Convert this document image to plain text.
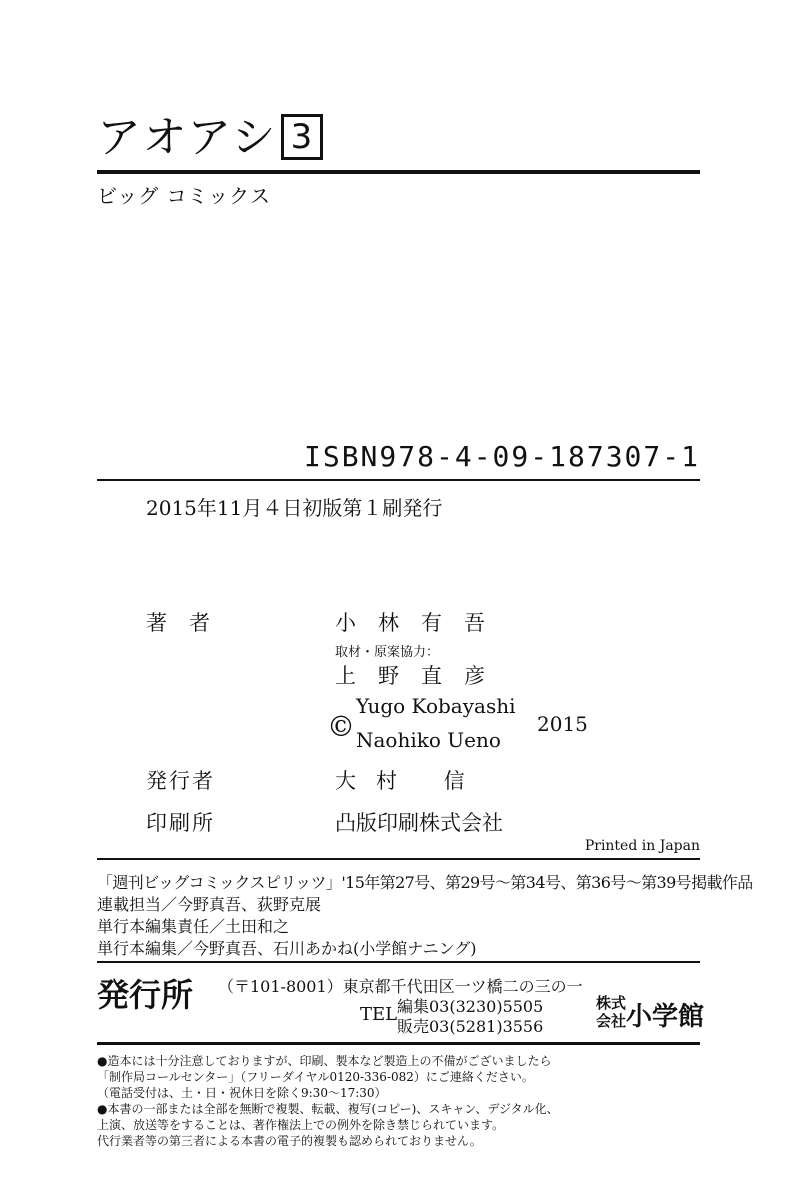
アオアシ 3
ビッグ コミックス
ISBN978-4-09-187307-1
2015年11月４日初版第１刷発行
著者	小林有吾
取材・原案協力：
上野直彦
©
Yugo Kobayashi
Naohiko Ueno
2015
発行者	大村 信
印刷所	凸版印刷株式会社
Printed in Japan
「週刊ビッグコミックスピリッツ」'15年第27号、第29号〜第34号、第36号〜第39号掲載作品
連載担当／今野真吾、荻野克展
単行本編集責任／土田和之
単行本編集／今野真吾、石川あかね(小学館ナニング)
発行所 （〒101-8001）東京都千代田区一ツ橋二の三の一
TEL 編集03(3230)5505
販売03(5281)3556
株式
会社 小学館
●造本には十分注意しておりますが、印刷、製本など製造上の不備がございましたら
「制作局コールセンター」（フリーダイヤル0120-336-082）にご連絡ください。
（電話受付は、土・日・祝休日を除く9:30〜17:30）
●本書の一部または全部を無断で複製、転載、複写(コピー)、スキャン、デジタル化、
上演、放送等をすることは、著作権法上での例外を除き禁じられています。
代行業者等の第三者による本書の電子的複製も認められておりません。
